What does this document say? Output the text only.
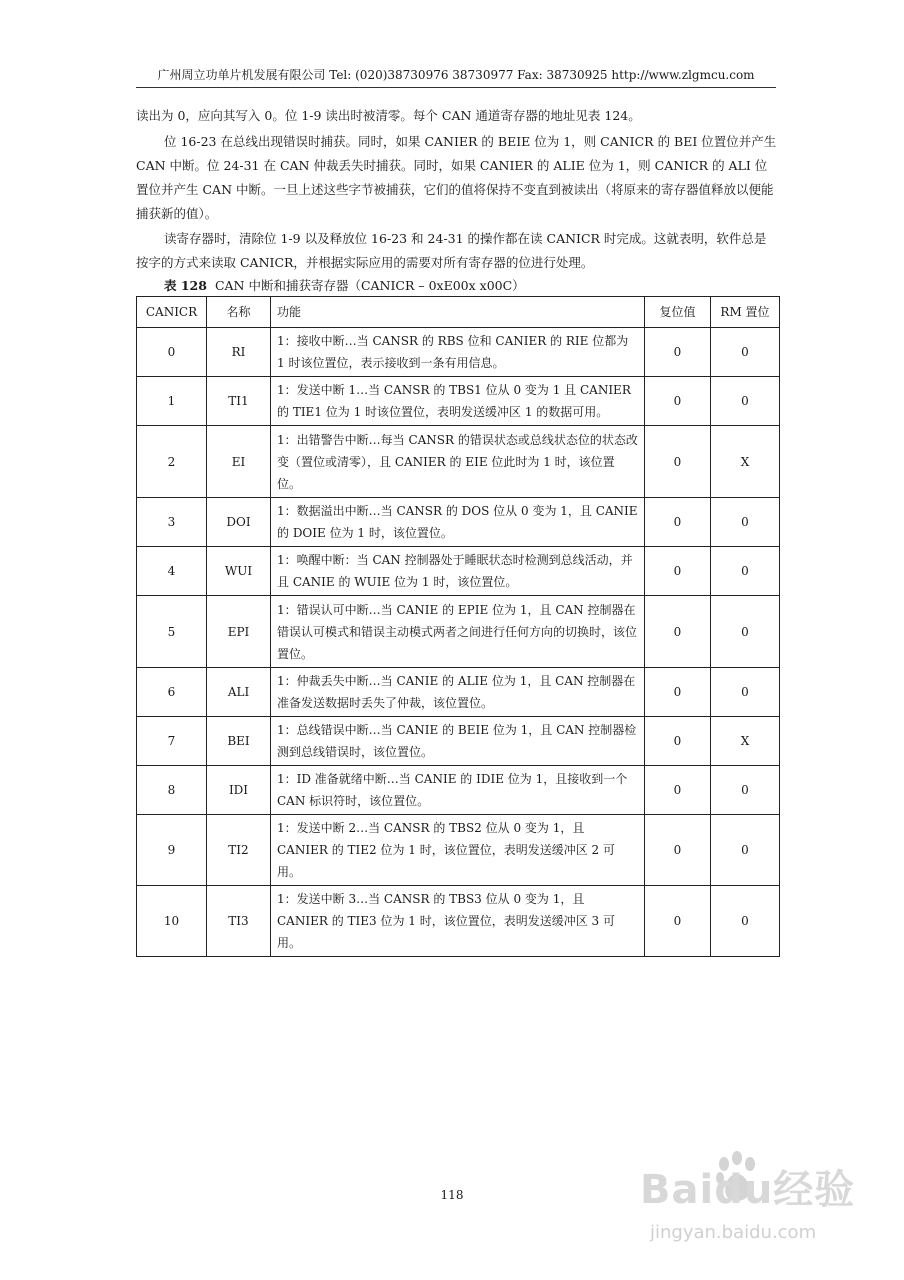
广州周立功单片机发展有限公司 Tel: (020)38730976 38730977 Fax: 38730925 http://www.zlgmcu.com

读出为 0，应向其写入 0。位 1-9 读出时被清零。每个 CAN 通道寄存器的地址见表 124。

位 16-23 在总线出现错误时捕获。同时，如果 CANIER 的 BEIE 位为 1，则 CANICR 的 BEI 位置位并产生 CAN 中断。位 24-31 在 CAN 仲裁丢失时捕获。同时，如果 CANIER 的 ALIE 位为 1，则 CANICR 的 ALI 位置位并产生 CAN 中断。一旦上述这些字节被捕获，它们的值将保持不变直到被读出（将原来的寄存器值释放以便能捕获新的值）。

读寄存器时，清除位 1-9 以及释放位 16-23 和 24-31 的操作都在读 CANICR 时完成。这就表明，软件总是按字的方式来读取 CANICR，并根据实际应用的需要对所有寄存器的位进行处理。

表 128 CAN 中断和捕获寄存器（CANICR – 0xE00x x00C）
CANICR	名称	功能	复位值	RM 置位
0	RI	1：接收中断…当 CANSR 的 RBS 位和 CANIER 的 RIE 位都为 1 时该位置位，表示接收到一条有用信息。	0	0
1	TI1	1：发送中断 1…当 CANSR 的 TBS1 位从 0 变为 1 且 CANIER 的 TIE1 位为 1 时该位置位，表明发送缓冲区 1 的数据可用。	0	0
2	EI	1：出错警告中断…每当 CANSR 的错误状态或总线状态位的状态改变（置位或清零），且 CANIER 的 EIE 位此时为 1 时，该位置位。	0	X
3	DOI	1：数据溢出中断…当 CANSR 的 DOS 位从 0 变为 1，且 CANIE 的 DOIE 位为 1 时，该位置位。	0	0
4	WUI	1：唤醒中断：当 CAN 控制器处于睡眠状态时检测到总线活动，并且 CANIE 的 WUIE 位为 1 时，该位置位。	0	0
5	EPI	1：错误认可中断…当 CANIE 的 EPIE 位为 1，且 CAN 控制器在错误认可模式和错误主动模式两者之间进行任何方向的切换时，该位置位。	0	0
6	ALI	1：仲裁丢失中断…当 CANIE 的 ALIE 位为 1，且 CAN 控制器在准备发送数据时丢失了仲裁，该位置位。	0	0
7	BEI	1：总线错误中断…当 CANIE 的 BEIE 位为 1，且 CAN 控制器检测到总线错误时，该位置位。	0	X
8	IDI	1：ID 准备就绪中断…当 CANIE 的 IDIE 位为 1，且接收到一个 CAN 标识符时，该位置位。	0	0
9	TI2	1：发送中断 2…当 CANSR 的 TBS2 位从 0 变为 1，且 CANIER 的 TIE2 位为 1 时，该位置位，表明发送缓冲区 2 可用。	0	0
10	TI3	1：发送中断 3…当 CANSR 的 TBS3 位从 0 变为 1，且 CANIER 的 TIE3 位为 1 时，该位置位，表明发送缓冲区 3 可用。	0	0
118	Baidu经验
jingyan.baidu.com
